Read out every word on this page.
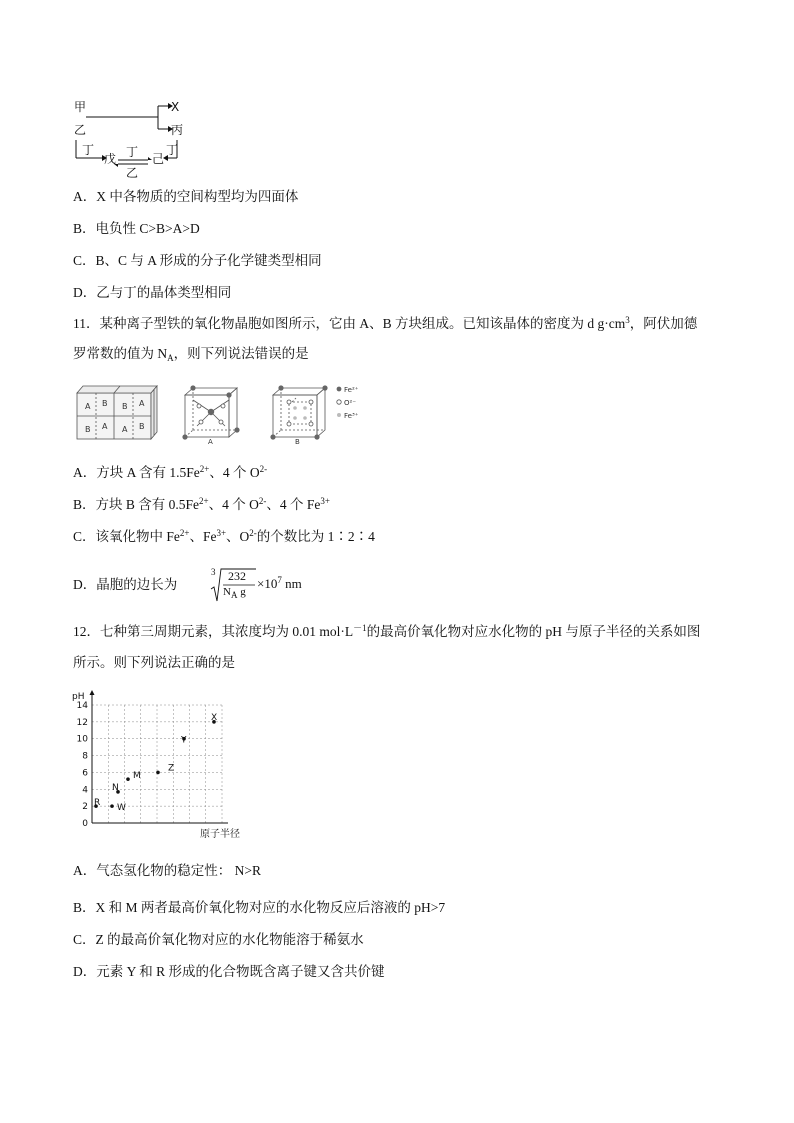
甲
乙
X
丙
丁
戊 丁
乙
己
丁
A．X 中各物质的空间构型均为四面体
B．电负性 C>B>A>D
C．B、C 与 A 形成的分子化学键类型相同
D．乙与丁的晶体类型相同
11．某种离子型铁的氧化物晶胞如图所示，它由 A、B 方块组成。已知该晶体的密度为 d $g\cdot cm^3$，阿伏加德
罗常数的值为 $N_A$，则下列说法错误的是
A B B A
B A A B
A	B
Fe²⁺
O²⁻
Fe³⁺
A．方块 A 含有 $1.5Fe^{2+}$、4 个 $O^{2-}$
B．方块 B 含有 $0.5Fe^{2+}$、4 个 $O^{2-}$、4 个 $Fe^{3+}$
C．该氧化物中 $Fe^{2+}$、$Fe^{3+}$、$O^{2-}$的个数比为 1∶2∶4
D．晶胞的边长为
3 232
$N_A$ g
$\times 10^7$ nm
12．七种第三周期元素，其浓度均为 0.01 $mol\cdot L^{-1}$的最高价氧化物对应水化物的 pH 与原子半径的关系如图
所示。则下列说法正确的是
0
2
4
6
8
10
12
14
pH
原子半径
R W
N
M
Z
Y
X
A．气态氢化物的稳定性： N>R
B．X 和 M 两者最高价氧化物对应的水化物反应后溶液的 pH>7
C．Z 的最高价氧化物对应的水化物能溶于稀氨水
D．元素 Y 和 R 形成的化合物既含离子键又含共价键
